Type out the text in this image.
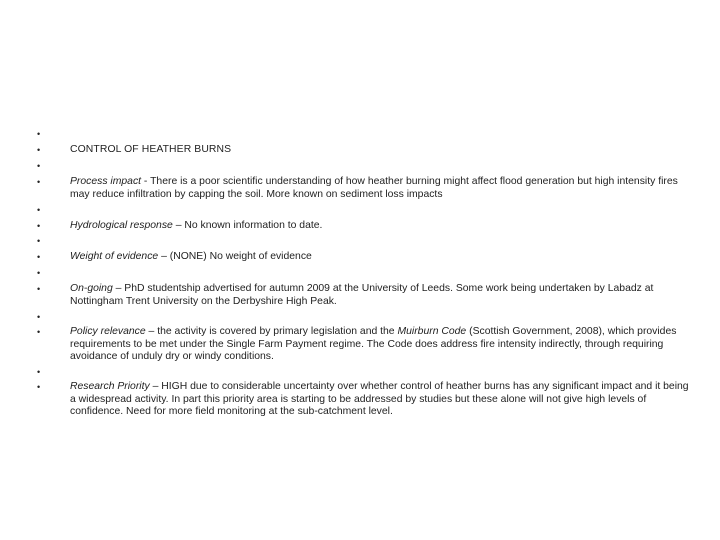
•
•
•
•
•
•
•
•
•
•
•
•
•
•
CONTROL OF HEATHER BURNS
Process impact - There is a poor scientific understanding of how heather burning might affect flood generation but high intensity fires may reduce infiltration by capping the soil. More known on sediment loss impacts
Hydrological response – No known information to date.
Weight of evidence – (NONE) No weight of evidence
On-going – PhD studentship advertised for autumn 2009 at the University of Leeds. Some work being undertaken by Labadz at Nottingham Trent University on the Derbyshire High Peak.
Policy relevance – the activity is covered by primary legislation and the Muirburn Code (Scottish Government, 2008), which provides requirements to be met under the Single Farm Payment regime. The Code does address fire intensity indirectly, through requiring avoidance of unduly dry or windy conditions.
Research Priority – HIGH due to considerable uncertainty over whether control of heather burns has any significant impact and it being a widespread activity. In part this priority area is starting to be addressed by studies but these alone will not give high levels of confidence. Need for more field monitoring at the sub-catchment level.
